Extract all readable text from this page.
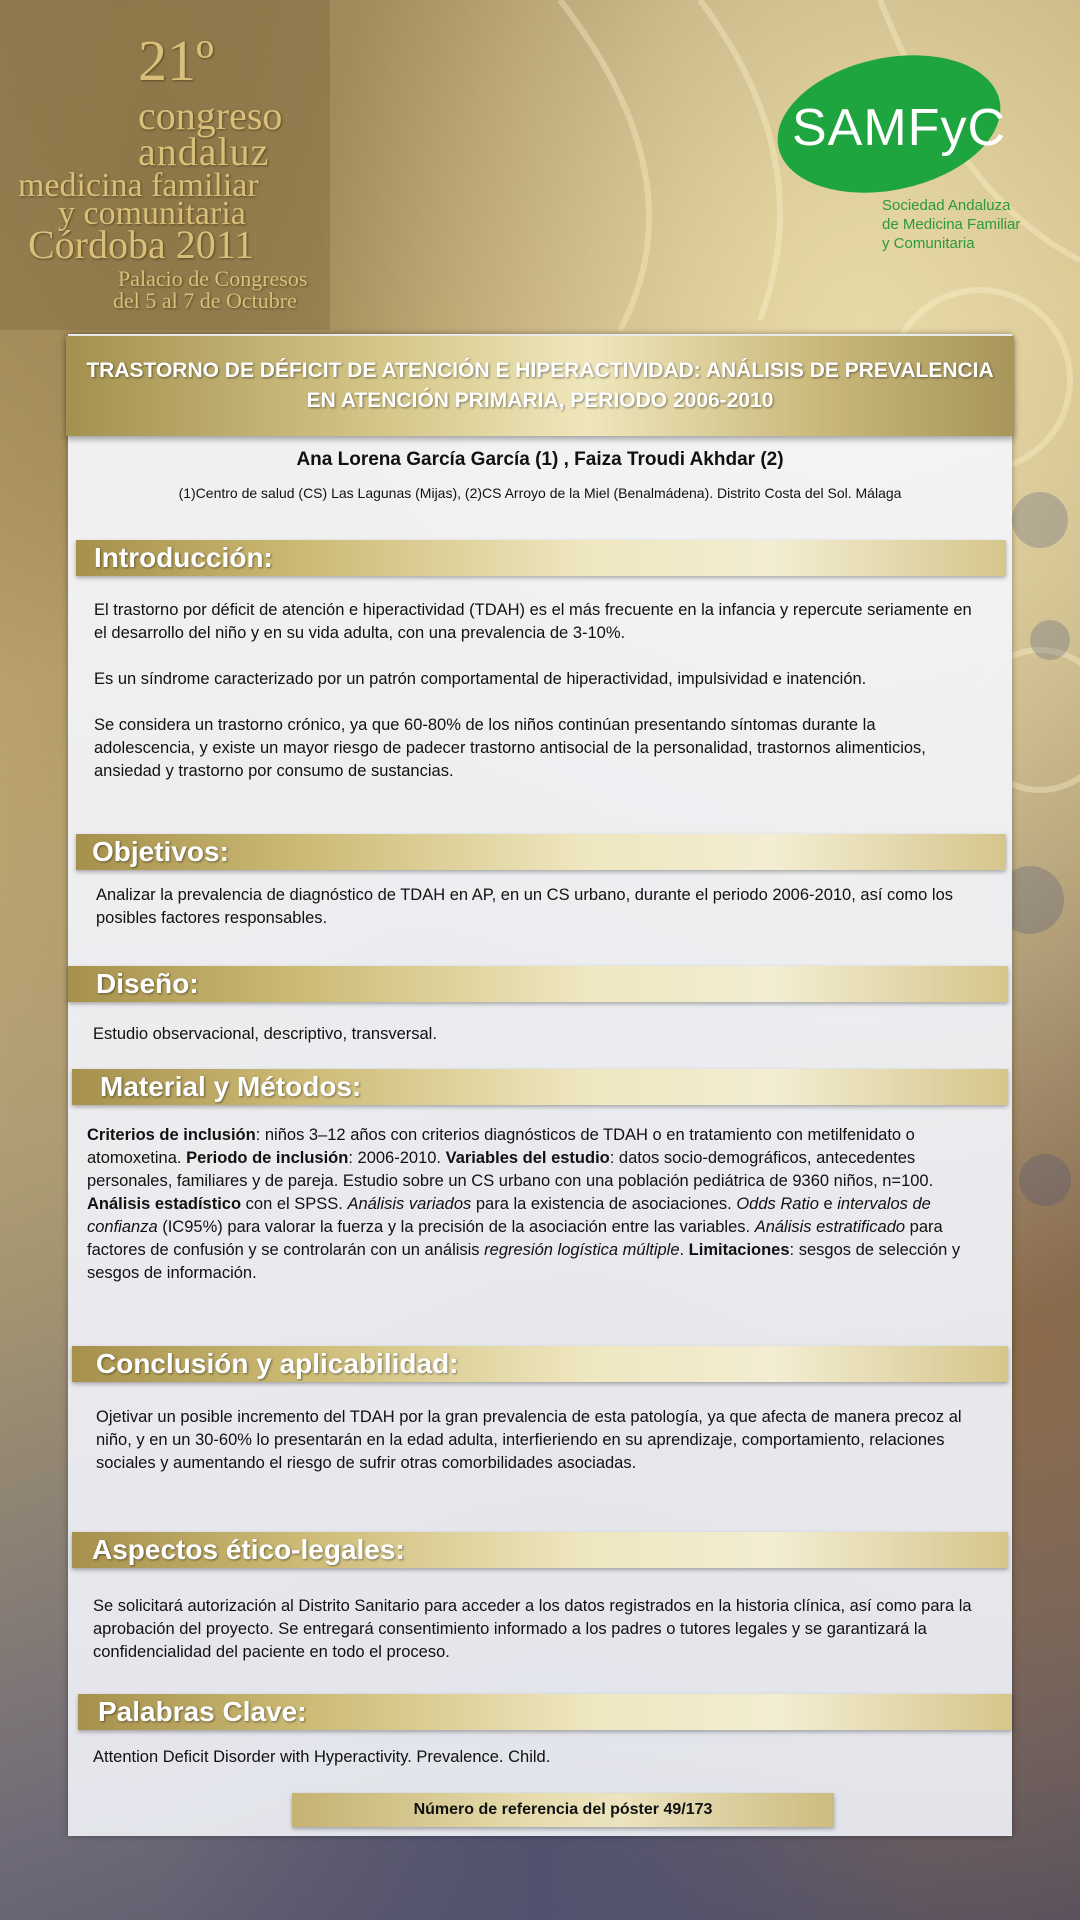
21º
congreso
andaluz
medicina familiar
y comunitaria
Córdoba 2011
Palacio de Congresos
del 5 al 7 de Octubre
SAMFyC
Sociedad Andaluza
de Medicina Familiar
y Comunitaria
TRASTORNO DE DÉFICIT DE ATENCIÓN E HIPERACTIVIDAD: ANÁLISIS DE PREVALENCIA EN ATENCIÓN PRIMARIA, PERIODO 2006-2010
Ana Lorena García García (1) , Faiza Troudi Akhdar (2)
(1)Centro de salud (CS) Las Lagunas (Mijas), (2)CS Arroyo de la Miel (Benalmádena). Distrito Costa del Sol. Málaga
Introducción:

El trastorno por déficit de atención e hiperactividad (TDAH) es el más frecuente en la infancia y repercute seriamente en el desarrollo del niño y en su vida adulta, con una prevalencia de 3-10%.

Es un síndrome caracterizado por un patrón comportamental de hiperactividad, impulsividad e inatención.

Se considera un trastorno crónico, ya que 60-80% de los niños continúan presentando síntomas durante la adolescencia, y existe un mayor riesgo de padecer trastorno antisocial de la personalidad, trastornos alimenticios, ansiedad y trastorno por consumo de sustancias.

Objetivos:

Analizar la prevalencia de diagnóstico de TDAH en AP, en un CS urbano, durante el periodo 2006-2010, así como los posibles factores responsables.

Diseño:

Estudio observacional, descriptivo, transversal.

Material y Métodos:

Criterios de inclusión: niños 3–12 años con criterios diagnósticos de TDAH o en tratamiento con metilfenidato o atomoxetina. Periodo de inclusión: 2006-2010. Variables del estudio: datos socio-demográficos, antecedentes personales, familiares y de pareja. Estudio sobre un CS urbano con una población pediátrica de 9360 niños, n=100.

Análisis estadístico con el SPSS. Análisis variados para la existencia de asociaciones. Odds Ratio e intervalos de confianza (IC95%) para valorar la fuerza y la precisión de la asociación entre las variables. Análisis estratificado para factores de confusión y se controlarán con un análisis regresión logística múltiple. Limitaciones: sesgos de selección y sesgos de información.

Conclusión y aplicabilidad:

Ojetivar un posible incremento del TDAH por la gran prevalencia de esta patología, ya que afecta de manera precoz al niño, y en un 30-60% lo presentarán en la edad adulta, interfieriendo en su aprendizaje, comportamiento, relaciones sociales y aumentando el riesgo de sufrir otras comorbilidades asociadas.

Aspectos ético-legales:

Se solicitará autorización al Distrito Sanitario para acceder a los datos registrados en la historia clínica, así como para la aprobación del proyecto. Se entregará consentimiento informado a los padres o tutores legales y se garantizará la confidencialidad del paciente en todo el proceso.

Palabras Clave:

Attention Deficit Disorder with Hyperactivity. Prevalence. Child.

Número de referencia del póster 49/173
